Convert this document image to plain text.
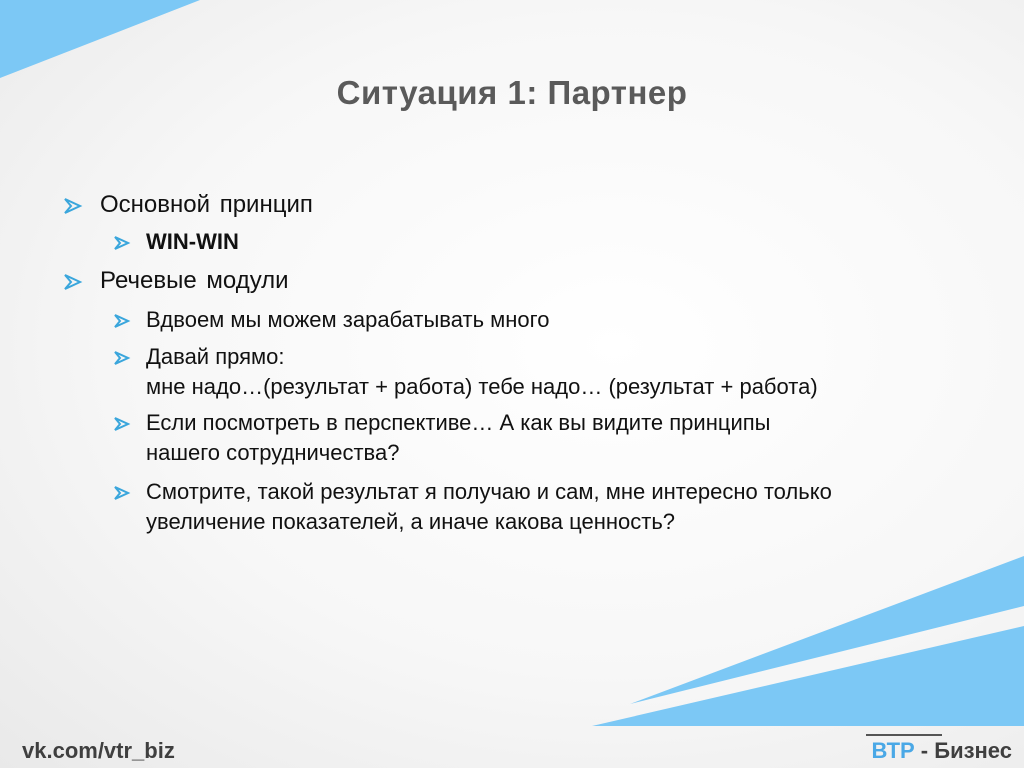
Ситуация 1: Партнер
Основной принцип
WIN-WIN
Речевые модули
Вдвоем мы можем зарабатывать много
Давай прямо:
мне надо…(результат + работа) тебе надо… (результат + работа)
Если посмотреть в перспективе… А как вы видите принципы
нашего сотрудничества?
Смотрите, такой результат я получаю и сам, мне интересно только
увеличение показателей, а иначе какова ценность?

vk.com/vtr_biz	ВТР - Бизнес
